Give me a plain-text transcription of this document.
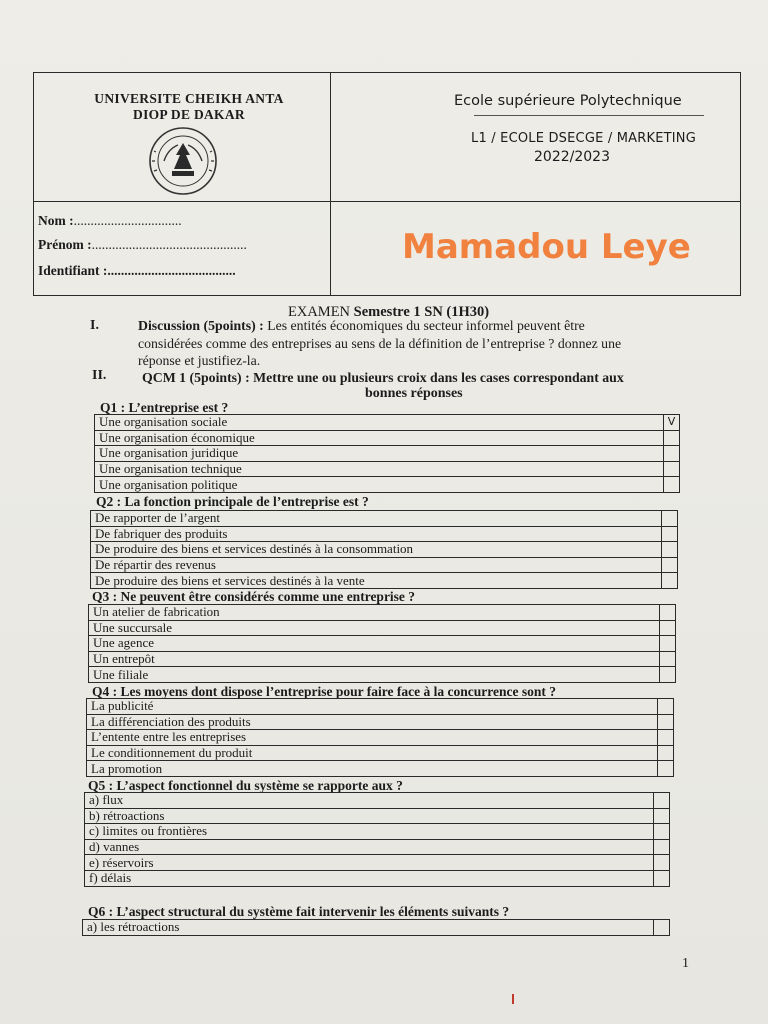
UNIVERSITE CHEIKH ANTA
DIOP DE DAKAR
Ecole supérieure Polytechnique
L1 / ECOLE DSECGE / MARKETING
2022/2023
Nom :................................
Prénom :..............................................
Identifiant :......................................
Mamadou Leye
EXAMEN Semestre 1 SN (1H30)
I.	Discussion (5points) : Les entités économiques du secteur informel peuvent être
considérées comme des entreprises au sens de la définition de l’entreprise ? donnez une
réponse et justifiez-la.
II.	QCM 1 (5points) : Mettre une ou plusieurs croix dans les cases correspondant aux
bonnes réponses
Q1 : L’entreprise est ?
Une organisation sociale	V
Une organisation économique	
Une organisation juridique	
Une organisation technique	
Une organisation politique	
Q2 : La fonction principale de l’entreprise est ?
De rapporter de l’argent	
De fabriquer des produits	
De produire des biens et services destinés à la consommation	
De répartir des revenus	
De produire des biens et services destinés à la vente	
Q3 : Ne peuvent être considérés comme une entreprise ?
Un atelier de fabrication	
Une succursale	
Une agence	
Un entrepôt	
Une filiale	
Q4 : Les moyens dont dispose l’entreprise pour faire face à la concurrence sont ?
La publicité	
La différenciation des produits	
L’entente entre les entreprises	
Le conditionnement du produit	
La promotion	
Q5 : L’aspect fonctionnel du système se rapporte aux ?
a) flux	
b) rétroactions	
c) limites ou frontières	
d) vannes	
e) réservoirs	
f) délais	
Q6 : L’aspect structural du système fait intervenir les éléments suivants ?
a) les rétroactions	
1
